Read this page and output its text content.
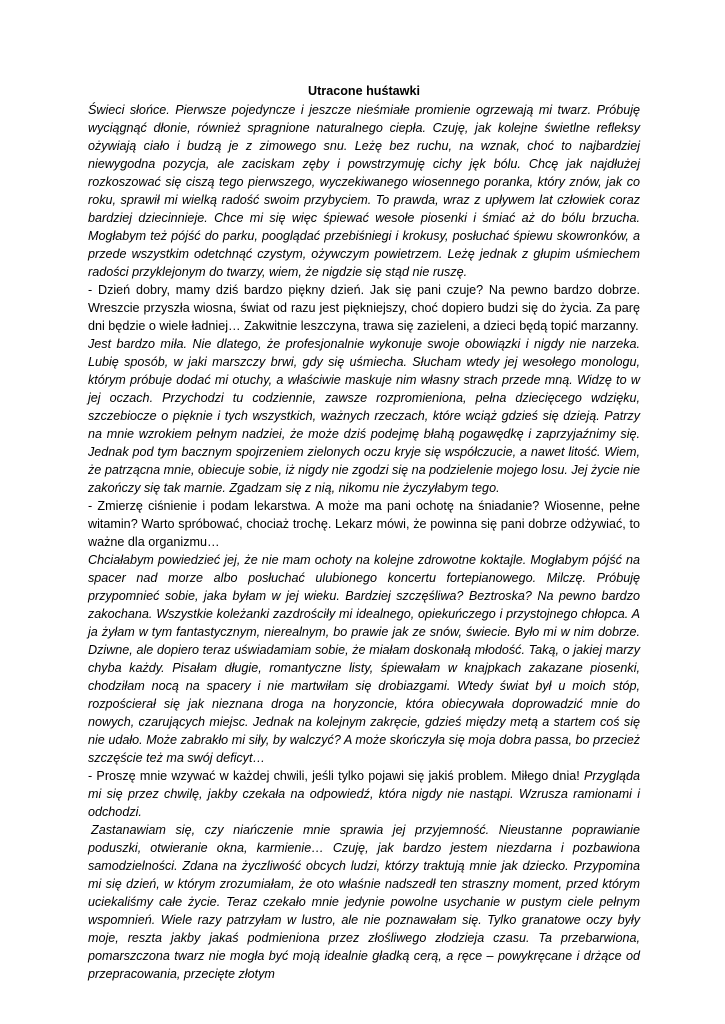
Utracone huśtawki

Świeci słońce. Pierwsze pojedyncze i jeszcze nieśmiałe promienie ogrzewają mi twarz. Próbuję wyciągnąć dłonie, również spragnione naturalnego ciepła. Czuję, jak kolejne świetlne refleksy ożywiają ciało i budzą je z zimowego snu. Leżę bez ruchu, na wznak, choć to najbardziej niewygodna pozycja, ale zaciskam zęby i powstrzymuję cichy jęk bólu. Chcę jak najdłużej rozkoszować się ciszą tego pierwszego, wyczekiwanego wiosennego poranka, który znów, jak co roku, sprawił mi wielką radość swoim przybyciem. To prawda, wraz z upływem lat człowiek coraz bardziej dziecinnieje. Chce mi się więc śpiewać wesołe piosenki i śmiać aż do bólu brzucha. Mogłabym też pójść do parku, pooglądać przebiśniegi i krokusy, posłuchać śpiewu skowronków, a przede wszystkim odetchnąć czystym, ożywczym powietrzem. Leżę jednak z głupim uśmiechem radości przyklejonym do twarzy, wiem, że nigdzie się stąd nie ruszę.

- Dzień dobry, mamy dziś bardzo piękny dzień. Jak się pani czuje? Na pewno bardzo dobrze. Wreszcie przyszła wiosna, świat od razu jest piękniejszy, choć dopiero budzi się do życia. Za parę dni będzie o wiele ładniej… Zakwitnie leszczyna, trawa się zazieleni, a dzieci będą topić marzanny.

Jest bardzo miła. Nie dlatego, że profesjonalnie wykonuje swoje obowiązki i nigdy nie narzeka. Lubię sposób, w jaki marszczy brwi, gdy się uśmiecha. Słucham wtedy jej wesołego monologu, którym próbuje dodać mi otuchy, a właściwie maskuje nim własny strach przede mną. Widzę to w jej oczach. Przychodzi tu codziennie, zawsze rozpromieniona, pełna dziecięcego wdzięku, szczebiocze o pięknie i tych wszystkich, ważnych rzeczach, które wciąż gdzieś się dzieją. Patrzy na mnie wzrokiem pełnym nadziei, że może dziś podejmę błahą pogawędkę i zaprzyjaźnimy się. Jednak pod tym bacznym spojrzeniem zielonych oczu kryje się współczucie, a nawet litość. Wiem, że patrzącna mnie, obiecuje sobie, iż nigdy nie zgodzi się na podzielenie mojego losu. Jej życie nie zakończy się tak marnie. Zgadzam się z nią, nikomu nie życzyłabym tego.

- Zmierzę ciśnienie i podam lekarstwa. A może ma pani ochotę na śniadanie? Wiosenne, pełne witamin? Warto spróbować, chociaż trochę. Lekarz mówi, że powinna się pani dobrze odżywiać, to ważne dla organizmu…

Chciałabym powiedzieć jej, że nie mam ochoty na kolejne zdrowotne koktajle. Mogłabym pójść na spacer nad morze albo posłuchać ulubionego koncertu fortepianowego. Milczę. Próbuję przypomnieć sobie, jaka byłam w jej wieku. Bardziej szczęśliwa? Beztroska? Na pewno bardzo zakochana. Wszystkie koleżanki zazdrościły mi idealnego, opiekuńczego i przystojnego chłopca. A ja żyłam w tym fantastycznym, nierealnym, bo prawie jak ze snów, świecie. Było mi w nim dobrze. Dziwne, ale dopiero teraz uświadamiam sobie, że miałam doskonałą młodość. Taką, o jakiej marzy chyba każdy. Pisałam długie, romantyczne listy, śpiewałam w knajpkach zakazane piosenki, chodziłam nocą na spacery i nie martwiłam się drobiazgami. Wtedy świat był u moich stóp, rozpościerał się jak nieznana droga na horyzoncie, która obiecywała doprowadzić mnie do nowych, czarujących miejsc. Jednak na kolejnym zakręcie, gdzieś między metą a startem coś się nie udało. Może zabrakło mi siły, by walczyć? A może skończyła się moja dobra passa, bo przecież szczęście też ma swój deficyt…

- Proszę mnie wzywać w każdej chwili, jeśli tylko pojawi się jakiś problem. Miłego dnia! Przygląda mi się przez chwilę, jakby czekała na odpowiedź, która nigdy nie nastąpi. Wzrusza ramionami i odchodzi.

Zastanawiam się, czy niańczenie mnie sprawia jej przyjemność. Nieustanne poprawianie poduszki, otwieranie okna, karmienie… Czuję, jak bardzo jestem niezdarna i pozbawiona samodzielności. Zdana na życzliwość obcych ludzi, którzy traktują mnie jak dziecko. Przypomina mi się dzień, w którym zrozumiałam, że oto właśnie nadszedł ten straszny moment, przed którym uciekaliśmy całe życie. Teraz czekało mnie jedynie powolne usychanie w pustym ciele pełnym wspomnień. Wiele razy patrzyłam w lustro, ale nie poznawałam się. Tylko granatowe oczy były moje, reszta jakby jakaś podmieniona przez złośliwego złodzieja czasu. Ta przebarwiona, pomarszczona twarz nie mogła być moją idealnie gładką cerą, a ręce – powykręcane i drżące od przepracowania, przecięte złotym
